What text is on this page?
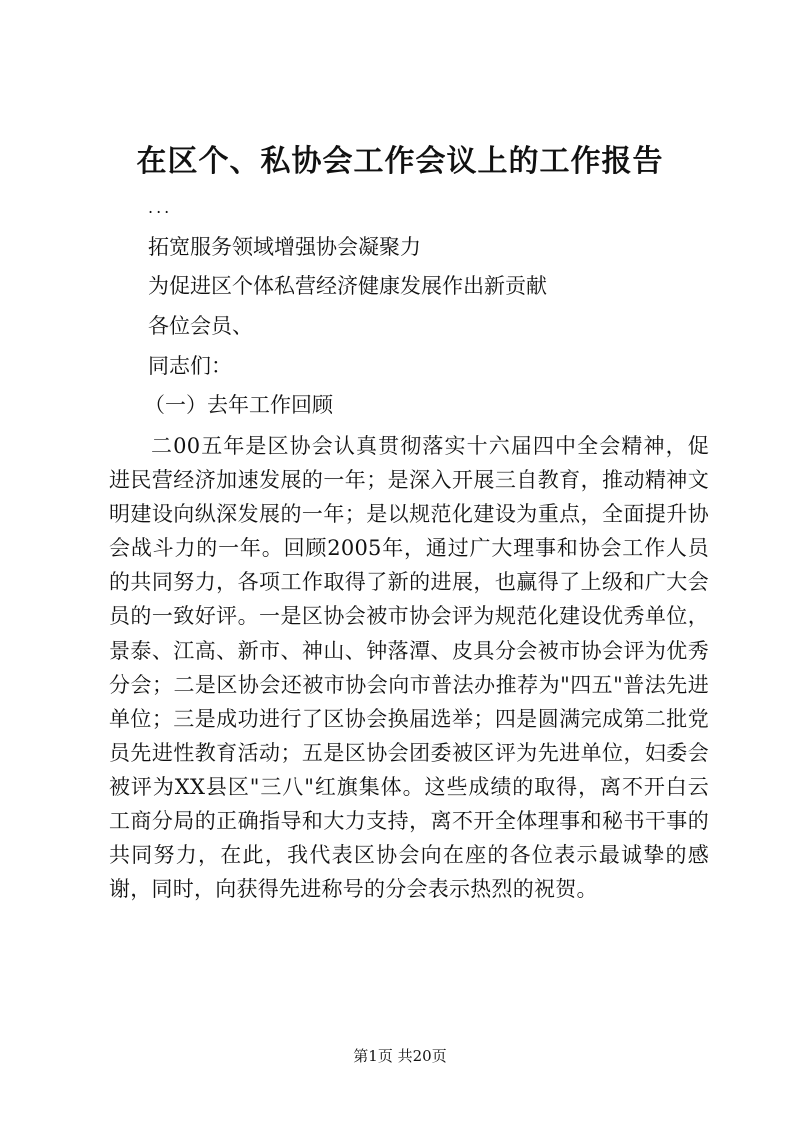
在区个、私协会工作会议上的工作报告
...
拓宽服务领域增强协会凝聚力
为促进区个体私营经济健康发展作出新贡献
各位会员、
同志们：
（一）去年工作回顾
二00五年是区协会认真贯彻落实十六届四中全会精神，促进民营经济加速发展的一年；是深入开展三自教育，推动精神文明建设向纵深发展的一年；是以规范化建设为重点，全面提升协会战斗力的一年。回顾2005年，通过广大理事和协会工作人员的共同努力，各项工作取得了新的进展，也赢得了上级和广大会员的一致好评。一是区协会被市协会评为规范化建设优秀单位，景泰、江高、新市、神山、钟落潭、皮具分会被市协会评为优秀分会；二是区协会还被市协会向市普法办推荐为"四五"普法先进单位；三是成功进行了区协会换届选举；四是圆满完成第二批党员先进性教育活动；五是区协会团委被区评为先进单位，妇委会被评为XX县区"三八"红旗集体。这些成绩的取得，离不开白云工商分局的正确指导和大力支持，离不开全体理事和秘书干事的共同努力，在此，我代表区协会向在座的各位表示最诚挚的感谢，同时，向获得先进称号的分会表示热烈的祝贺。
第1页 共20页
